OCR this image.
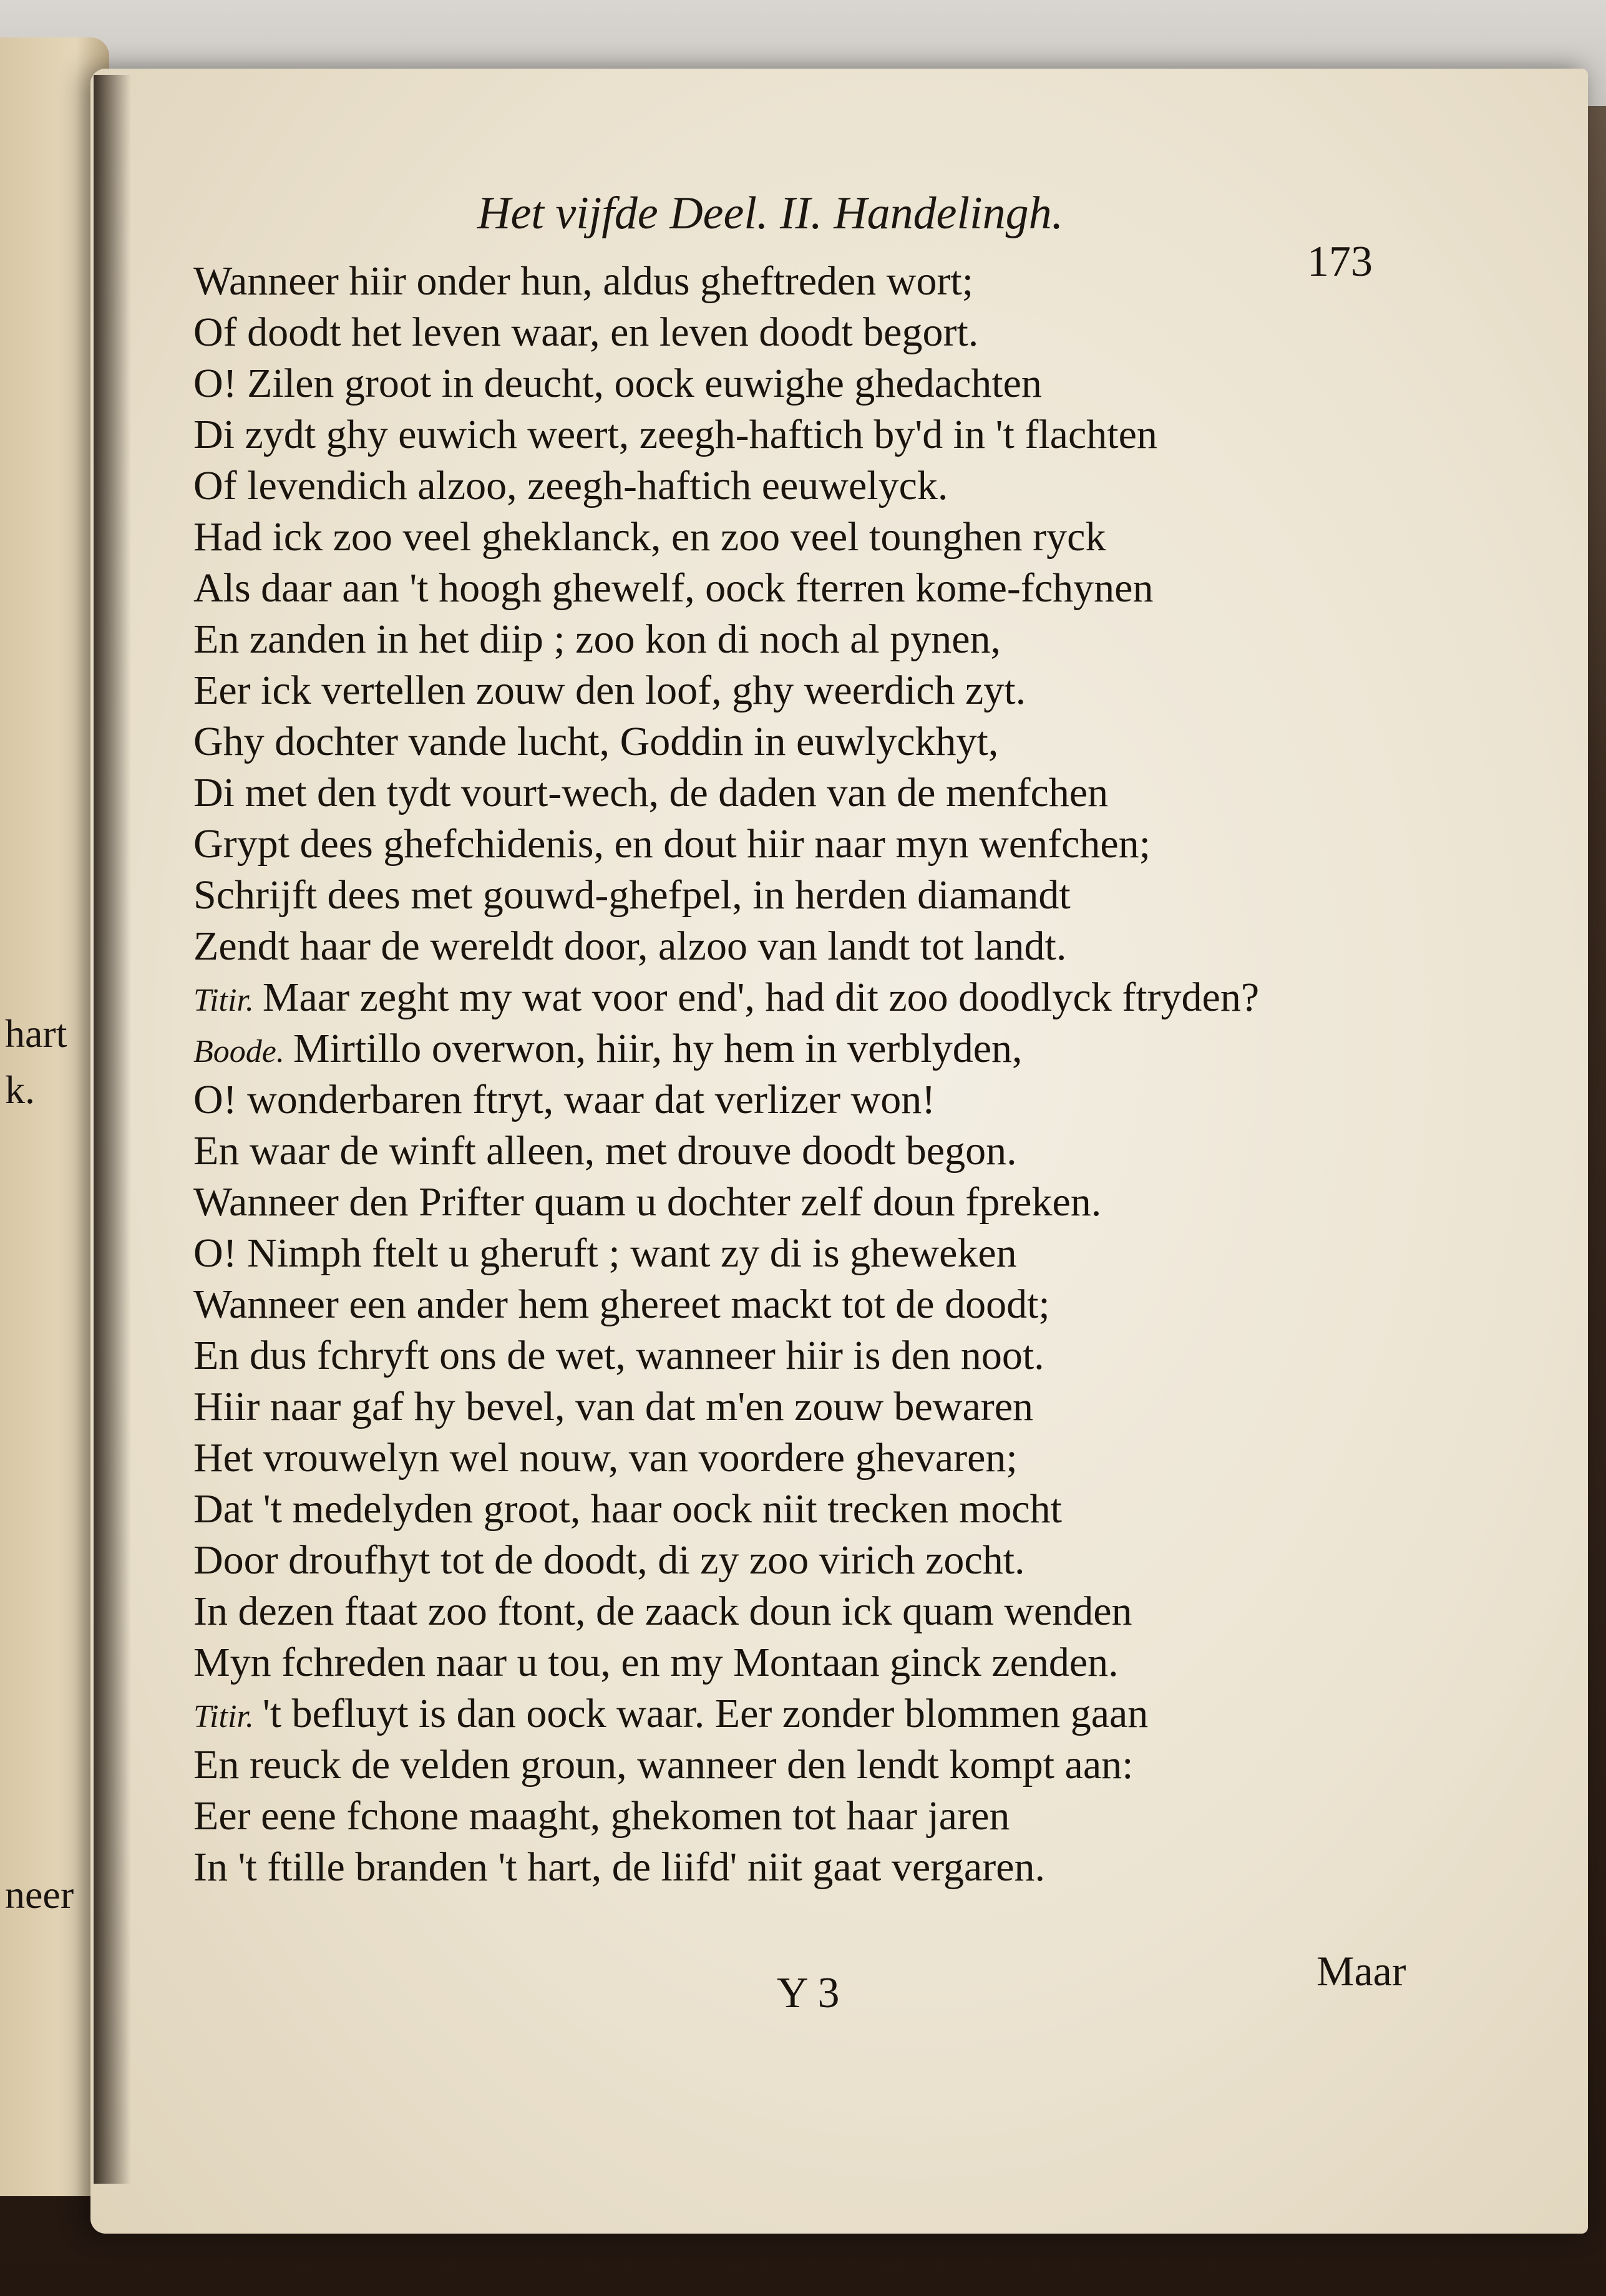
hart
k.
neer
Het vijfde Deel. II. Handelingh.
173
Wanneer hiir onder hun, aldus gheftreden wort;
Of doodt het leven waar, en leven doodt begort.
O! Zilen groot in deucht, oock euwighe ghedachten
Di zydt ghy euwich weert, zeegh-haftich by'd in 't flachten
Of levendich alzoo, zeegh-haftich eeuwelyck.
Had ick zoo veel gheklanck, en zoo veel tounghen ryck
Als daar aan 't hoogh ghewelf, oock fterren kome-fchynen
En zanden in het diip ; zoo kon di noch al pynen,
Eer ick vertellen zouw den loof, ghy weerdich zyt.
Ghy dochter vande lucht, Goddin in euwlyckhyt,
Di met den tydt vourt-wech, de daden van de menfchen
Grypt dees ghefchidenis, en dout hiir naar myn wenfchen;
Schrijft dees met gouwd-ghefpel, in herden diamandt
Zendt haar de wereldt door, alzoo van landt tot landt.
Titir. Maar zeght my wat voor end', had dit zoo doodlyck ftryden?
Boode. Mirtillo overwon, hiir, hy hem in verblyden,
O! wonderbaren ftryt, waar dat verlizer won!
En waar de winft alleen, met drouve doodt begon.
Wanneer den Prifter quam u dochter zelf doun fpreken.
O! Nimph ftelt u gheruft ; want zy di is gheweken
Wanneer een ander hem ghereet mackt tot de doodt;
En dus fchryft ons de wet, wanneer hiir is den noot.
Hiir naar gaf hy bevel, van dat m'en zouw bewaren
Het vrouwelyn wel nouw, van voordere ghevaren;
Dat 't medelyden groot, haar oock niit trecken mocht
Door droufhyt tot de doodt, di zy zoo virich zocht.
In dezen ftaat zoo ftont, de zaack doun ick quam wenden
Myn fchreden naar u tou, en my Montaan ginck zenden.
Titir. 't befluyt is dan oock waar. Eer zonder blommen gaan
En reuck de velden groun, wanneer den lendt kompt aan:
Eer eene fchone maaght, ghekomen tot haar jaren
In 't ftille branden 't hart, de liifd' niit gaat vergaren.
Y 3	Maar
